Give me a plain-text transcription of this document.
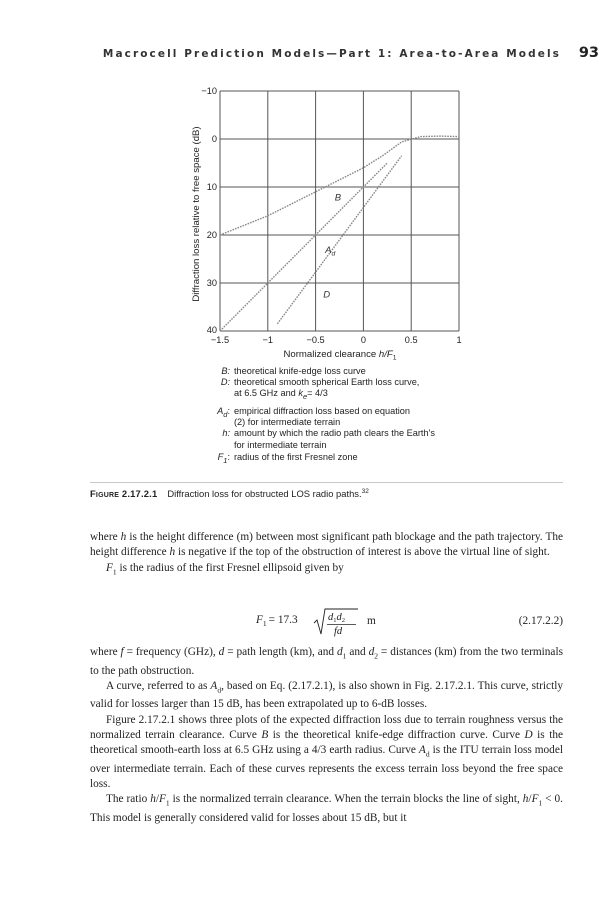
Macrocell Prediction Models—Part 1: Area-to-Area Models 93
−1.5	−1	−0.5	0	0.5	1
−10
0
10
20
30
40
B
$A_d$
D
Diffraction loss relative to free space (dB)
Normalized clearance $h/F_1$
B: theoretical knife-edge loss curve
D: theoretical smooth spherical Earth loss curve,
at 6.5 GHz and $k_e= 4/3$
$A_d$: empirical diffraction loss based on equation
(2) for intermediate terrain
h: amount by which the radio path clears the Earth's
for intermediate terrain
$F_1$: radius of the first Fresnel zone
Figure 2.17.2.1 Diffraction loss for obstructed LOS radio paths.$^{32}$

where h is the height difference (m) between most significant path blockage and the path trajectory. The height difference h is negative if the top of the obstruction of interest is above the virtual line of sight.

$F_1$ is the radius of the first Fresnel ellipsoid given by

$F_1 = 17.3$	d1d2
fd
m	(2.17.2.2)

where f = frequency (GHz), d = path length (km), and $d_1$ and $d_2$ = distances (km) from the two terminals to the path obstruction.

A curve, referred to as $A_d$, based on Eq. (2.17.2.1), is also shown in Fig. 2.17.2.1. This curve, strictly valid for losses larger than 15 dB, has been extrapolated up to 6-dB losses.

Figure 2.17.2.1 shows three plots of the expected diffraction loss due to terrain roughness versus the normalized terrain clearance. Curve B is the theoretical knife-edge diffraction curve. Curve D is the theoretical smooth-earth loss at 6.5 GHz using a 4/3 earth radius. Curve $A_d$ is the ITU terrain loss model over intermediate terrain. Each of these curves represents the excess terrain loss beyond the free space loss.

The ratio $h/F_1$ is the normalized terrain clearance. When the terrain blocks the line of sight, $h/F_1 < 0$. This model is generally considered valid for losses about 15 dB, but it
